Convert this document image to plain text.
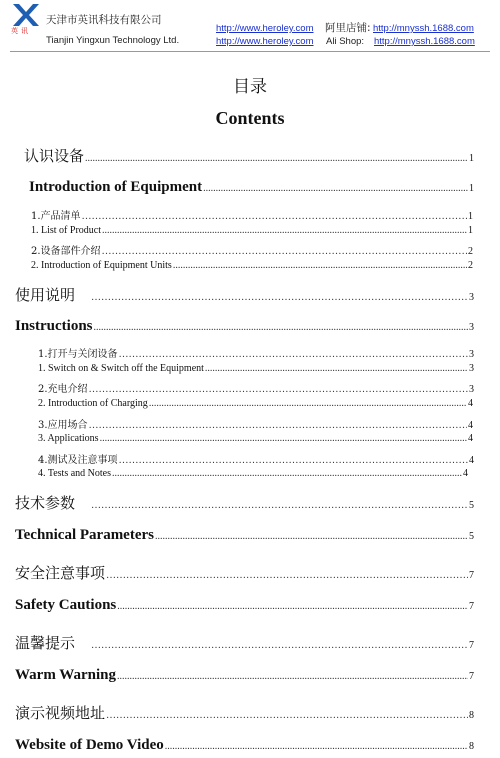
英讯
天津市英讯科技有限公司
Tianjin Yingxun Technology Ltd.
http://www.heroley.com
http://www.heroley.com
阿里店铺: http://mnyssh.1688.com
Ali Shop: http://mnyssh.1688.com
目录
Contents
认识设备 .....	1
Introduction of Equipment .....	1
1.产品清单 …………………………………………………………………………………………………………………………………………	1
1. List of Product .....	1
2.设备部件介绍 …………………………………………………………………………………………………………………………………………	2
2. Introduction of Equipment Units .....	2
使用说明 …………………………………………………………………………………………………………………………………………	3
Instructions .....	3
1.打开与关闭设备 …………………………………………………………………………………………………………………………………………	3
1. Switch on & Switch off the Equipment .....	3
2.充电介绍 …………………………………………………………………………………………………………………………………………	3
2. Introduction of Charging .....	4
3.应用场合 …………………………………………………………………………………………………………………………………………	4
3. Applications .....	4
4.测试及注意事项 …………………………………………………………………………………………………………………………………………	4
4. Tests and Notes .....	4
技术参数 …………………………………………………………………………………………………………………………………………	5
Technical Parameters .....	5
安全注意事项 …………………………………………………………………………………………………………………………………………	7
Safety Cautions .....	7
温馨提示 …………………………………………………………………………………………………………………………………………	7
Warm Warning .....	7
演示视频地址 …………………………………………………………………………………………………………………………………………	8
Website of Demo Video .....	8
